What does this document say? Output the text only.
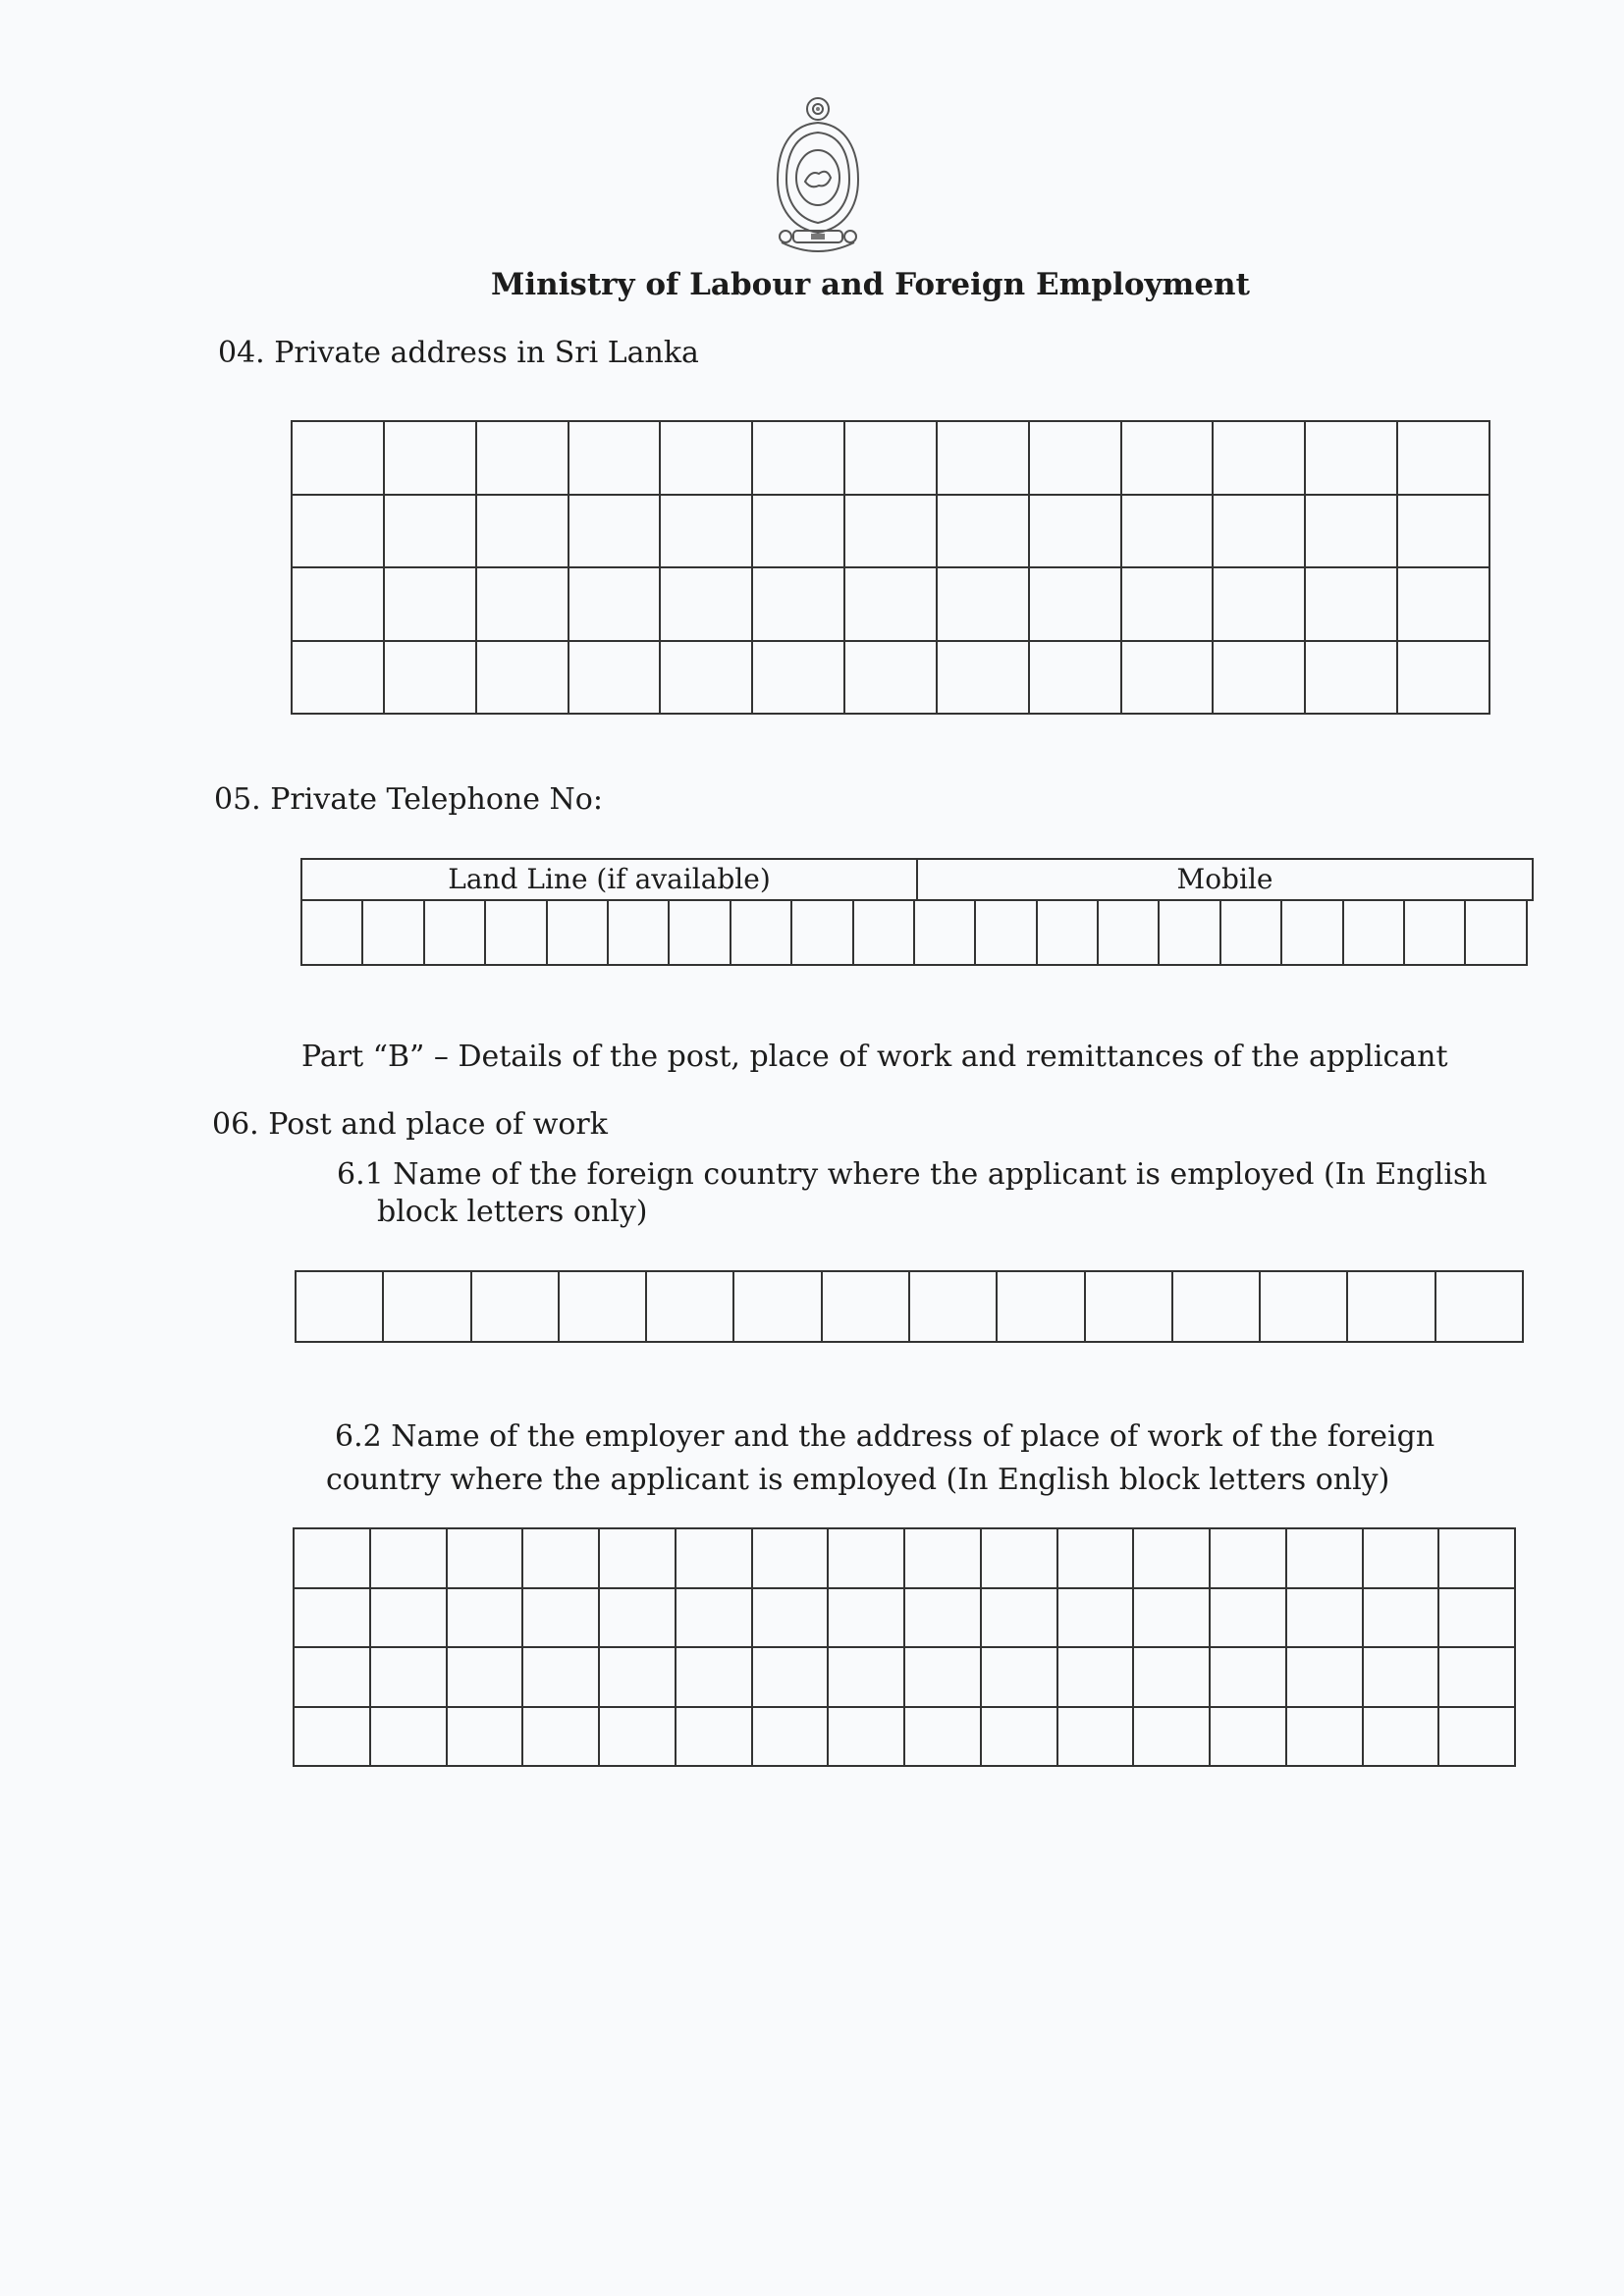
Ministry of Labour and Foreign Employment
04. Private address in Sri Lanka

05. Private Telephone No:
Land Line (if available)	Mobile

Part “B” – Details of the post, place of work and remittances of the applicant
06. Post and place of work
6.1 Name of the foreign country where the applicant is employed (In English
block letters only)

6.2 Name of the employer and the address of place of work of the foreign
country where the applicant is employed (In English block letters only)
